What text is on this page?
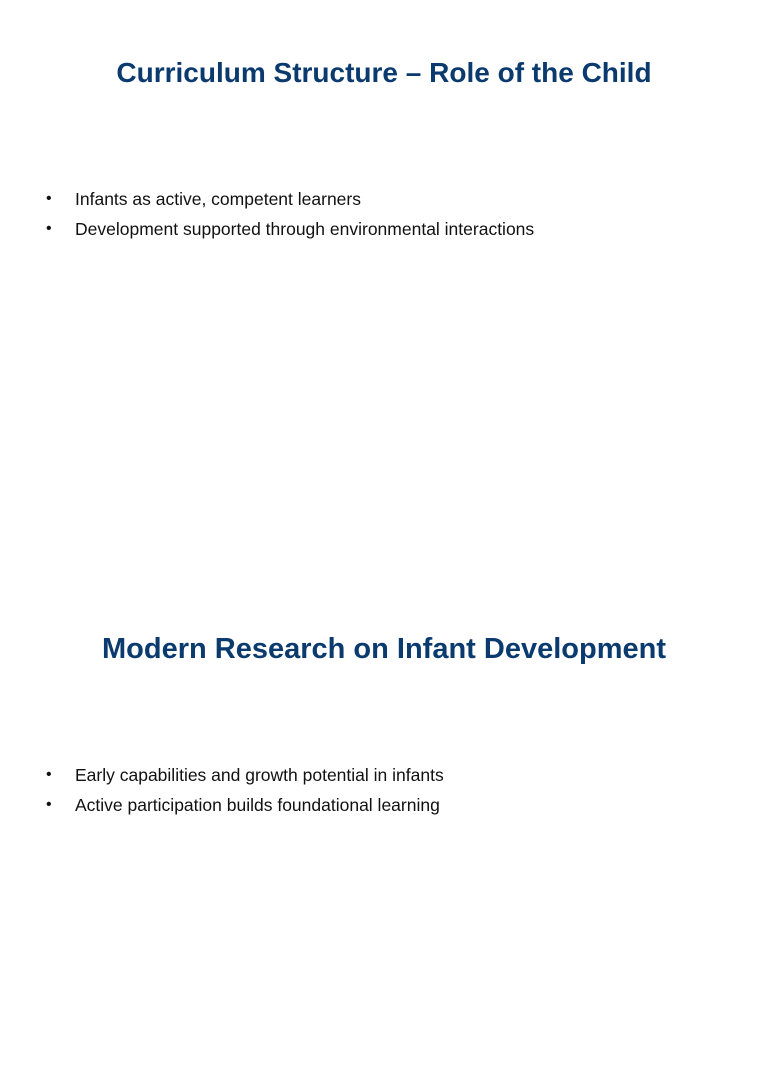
Curriculum Structure – Role of the Child
• Infants as active, competent learners
• Development supported through environmental interactions
Modern Research on Infant Development
• Early capabilities and growth potential in infants
• Active participation builds foundational learning
